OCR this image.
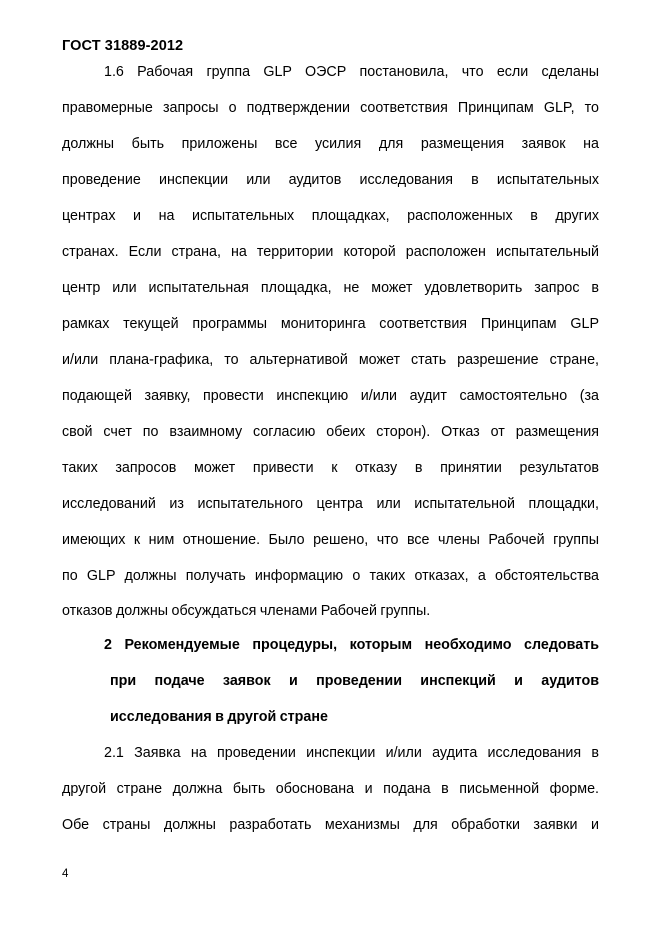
ГОСТ 31889-2012
1.6 Рабочая группа GLP ОЭСР постановила, что если сделаны
правомерные запросы о подтверждении соответствия Принципам GLP, то
должны быть приложены все усилия для размещения заявок на
проведение инспекции или аудитов исследования в испытательных
центрах и на испытательных площадках, расположенных в других
странах. Если страна, на территории которой расположен испытательный
центр или испытательная площадка, не может удовлетворить запрос в
рамках текущей программы мониторинга соответствия Принципам GLP
и/или плана-графика, то альтернативой может стать разрешение стране,
подающей заявку, провести инспекцию и/или аудит самостоятельно (за
свой счет по взаимному согласию обеих сторон). Отказ от размещения
таких запросов может привести к отказу в принятии результатов
исследований из испытательного центра или испытательной площадки,
имеющих к ним отношение. Было решено, что все члены Рабочей группы
по GLP должны получать информацию о таких отказах, а обстоятельства
отказов должны обсуждаться членами Рабочей группы.
2 Рекомендуемые процедуры, которым необходимо следовать
при подаче заявок и проведении инспекций и аудитов
исследования в другой стране
2.1 Заявка на проведении инспекции и/или аудита исследования в
другой стране должна быть обоснована и подана в письменной форме.
Обе страны должны разработать механизмы для обработки заявки и
4
